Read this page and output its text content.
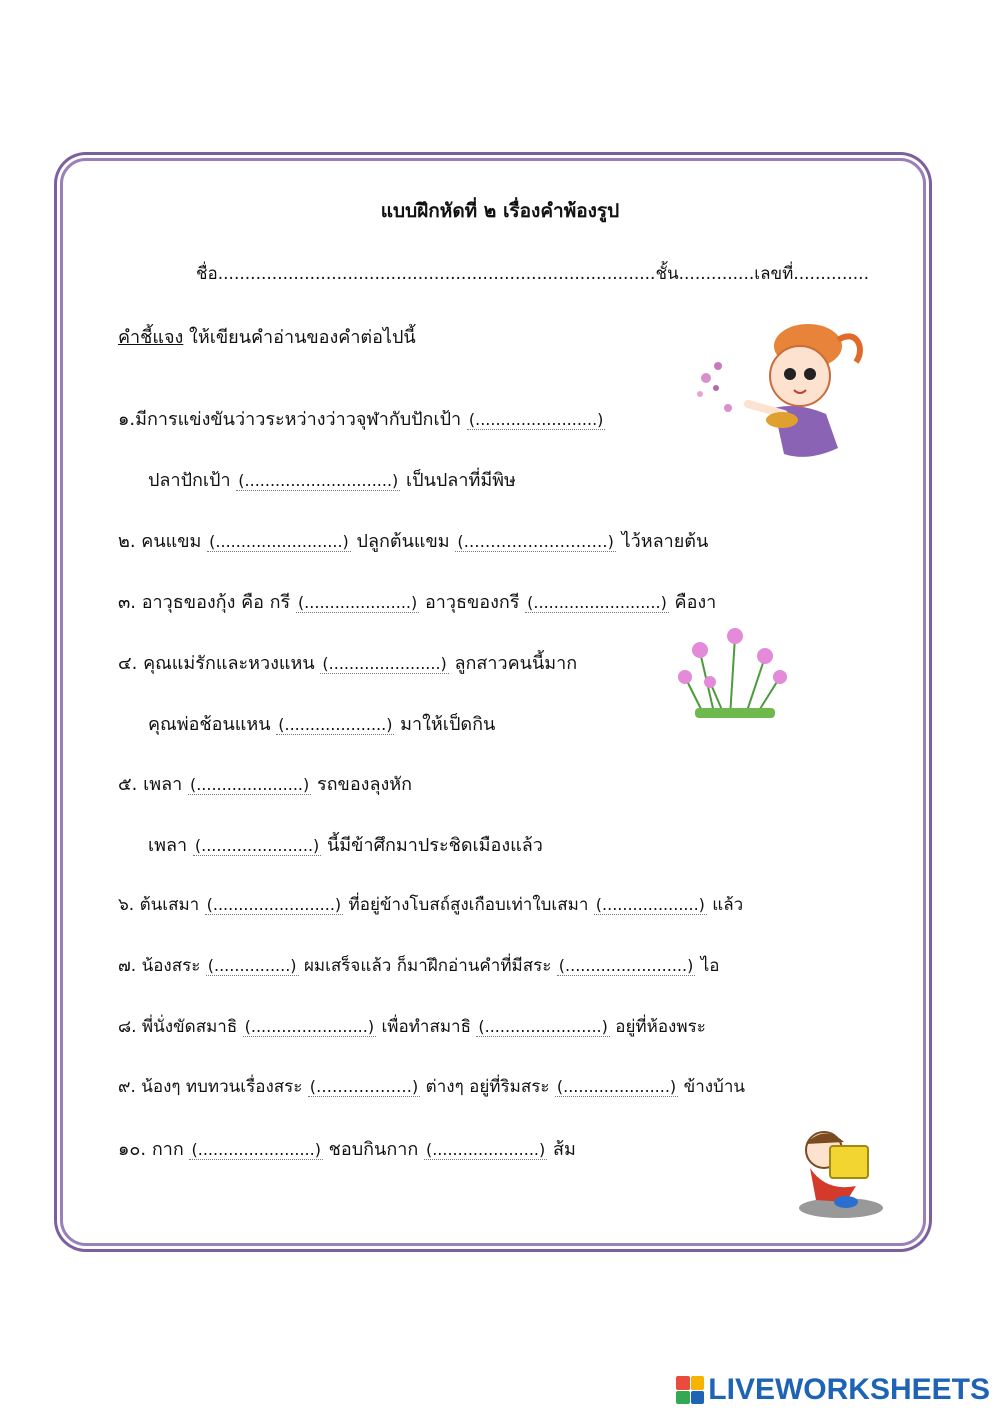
แบบฝึกหัดที่ ๒ เรื่องคำพ้องรูป
ชื่อ.................................................................................ชั้น..............เลขที่..............
คำชี้แจง ให้เขียนคำอ่านของคำต่อไปนี้
๑.มีการแข่งขันว่าวระหว่างว่าวจุฬากับปักเป้า (........................)
ปลาปักเป้า (.............................) เป็นปลาที่มีพิษ
๒. คนแขม (.........................) ปลูกต้นแขม (………………………) ไว้หลายต้น
๓. อาวุธของกุ้ง คือ กรี (.....................) อาวุธของกรี (.........................) คืองา
๔. คุณแม่รักและหวงแหน (......................) ลูกสาวคนนี้มาก
คุณพ่อช้อนแหน (....................) มาให้เป็ดกิน
๕. เพลา (.....................) รถของลุงหัก
เพลา (......................) นี้มีข้าศึกมาประชิดเมืองแล้ว
๖. ต้นเสมา (........................) ที่อยู่ข้างโบสถ์สูงเกือบเท่าใบเสมา (...................) แล้ว
๗. น้องสระ (...............) ผมเสร็จแล้ว ก็มาฝึกอ่านคำที่มีสระ (........................) ไอ
๘. พี่นั่งขัดสมาธิ (.......................) เพื่อทำสมาธิ (.......................) อยู่ที่ห้องพระ
๙. น้องๆ ทบทวนเรื่องสระ (………………) ต่างๆ อยู่ที่ริมสระ (.....................) ข้างบ้าน
๑๐. กาก (.......................) ชอบกินกาก (.....................) ส้ม
LIVEWORKSHEETS
